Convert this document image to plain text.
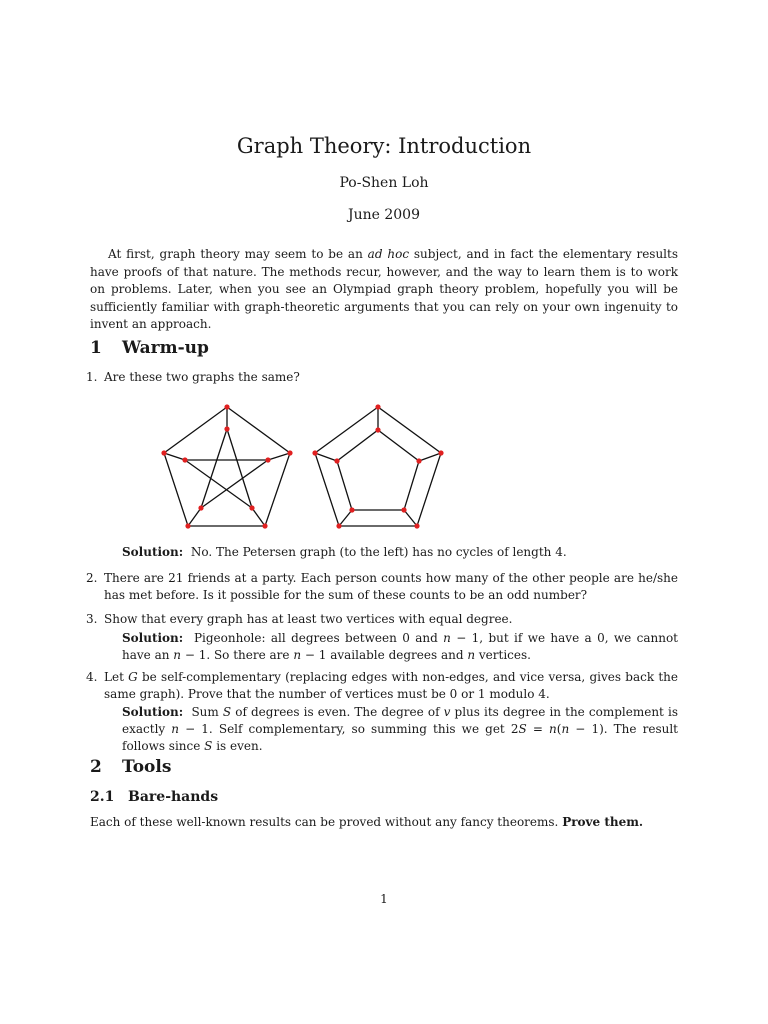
Graph Theory: Introduction
Po-Shen Loh
June 2009
At first, graph theory may seem to be an ad hoc subject, and in fact the elementary results have proofs of that nature. The methods recur, however, and the way to learn them is to work on problems. Later, when you see an Olympiad graph theory problem, hopefully you will be sufficiently familiar with graph-theoretic arguments that you can rely on your own ingenuity to invent an approach.
1 Warm-up
1. Are these two graphs the same?
Solution: No. The Petersen graph (to the left) has no cycles of length 4.
2. There are 21 friends at a party. Each person counts how many of the other people are he/she has met before. Is it possible for the sum of these counts to be an odd number?
3. Show that every graph has at least two vertices with equal degree.
Solution: Pigeonhole: all degrees between 0 and n − 1, but if we have a 0, we cannot have an n − 1. So there are n − 1 available degrees and n vertices.
4. Let G be self-complementary (replacing edges with non-edges, and vice versa, gives back the same graph). Prove that the number of vertices must be 0 or 1 modulo 4.
Solution: Sum S of degrees is even. The degree of v plus its degree in the complement is exactly n − 1. Self complementary, so summing this we get 2S = n(n − 1). The result follows since S is even.
2 Tools
2.1 Bare-hands
Each of these well-known results can be proved without any fancy theorems. Prove them.
1
